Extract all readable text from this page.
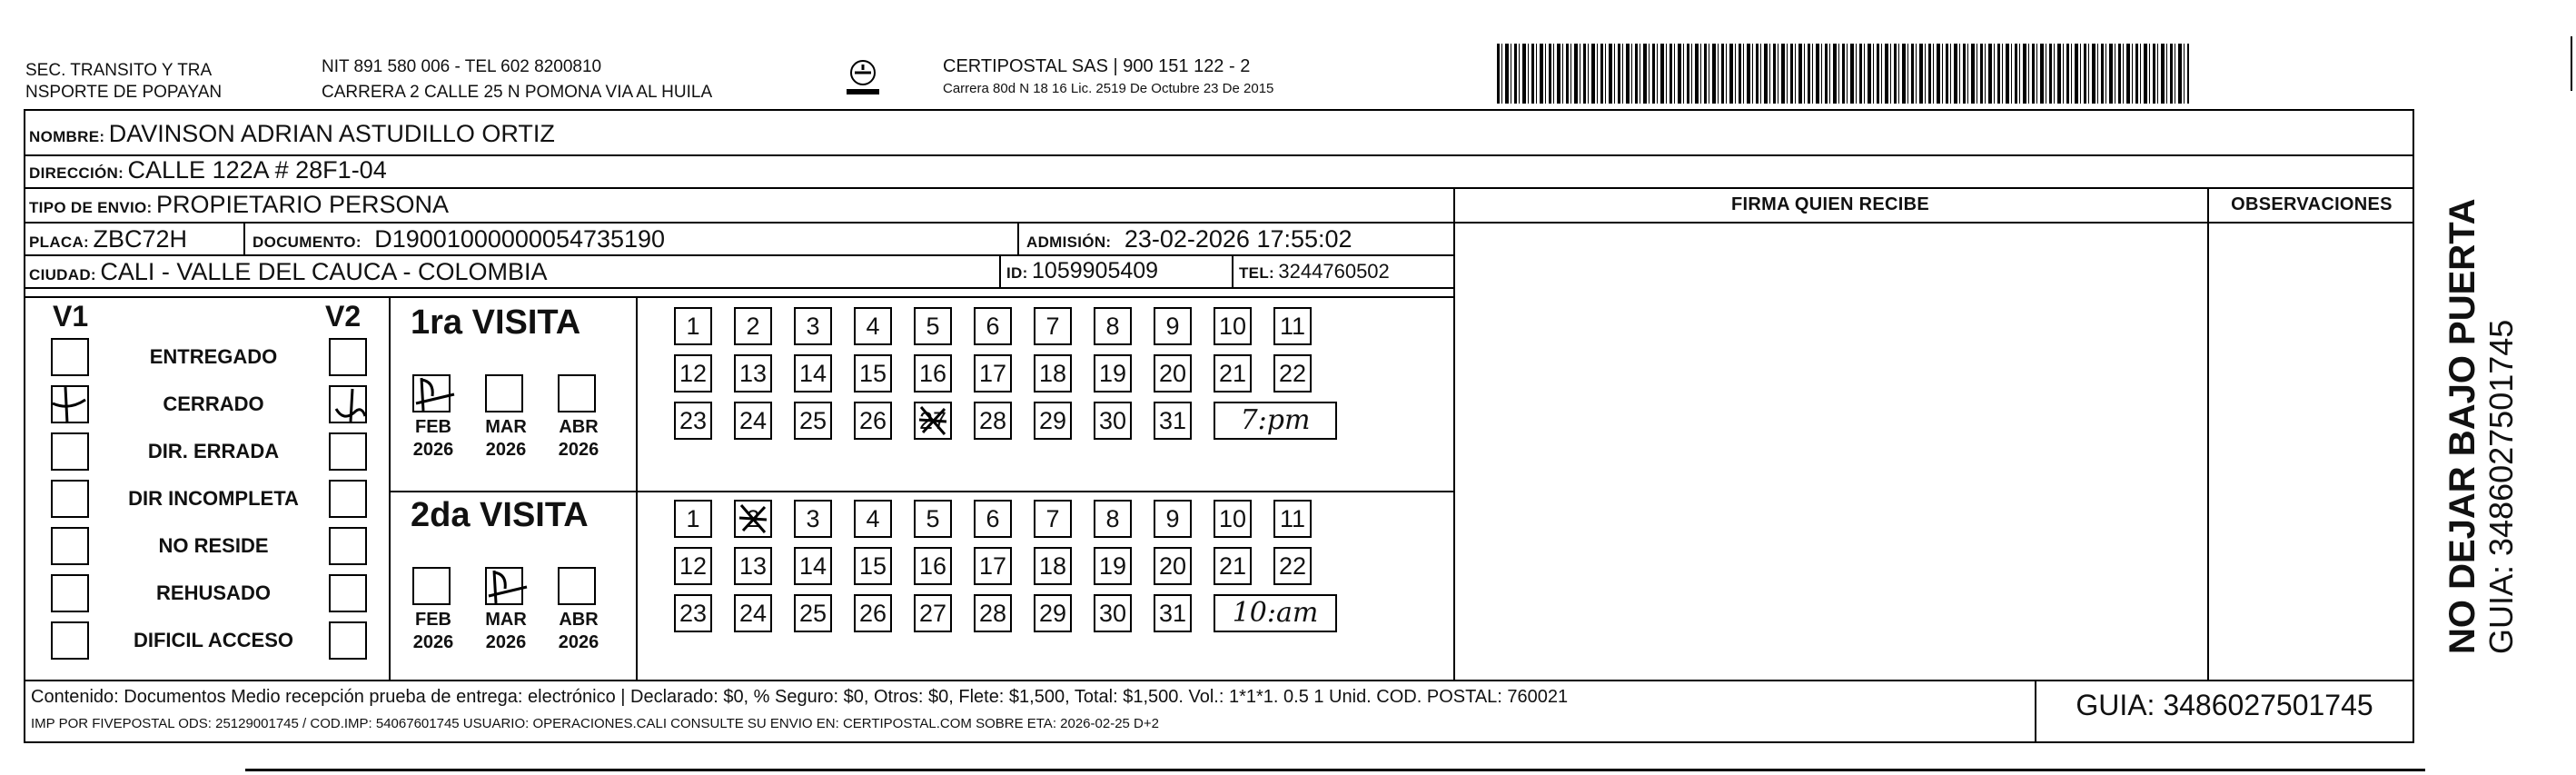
SEC. TRANSITO Y TRA
NSPORTE DE POPAYAN
NIT 891 580 006 - TEL 602 8200810
CARRERA 2 CALLE 25 N POMONA VIA AL HUILA
CERTIPOSTAL SAS | 900 151 122 - 2
Carrera 80d N 18 16 Lic. 2519 De Octubre 23 De 2015
NOMBRE: DAVINSON ADRIAN ASTUDILLO ORTIZ
DIRECCIÓN: CALLE 122A # 28F1-04
TIPO DE ENVIO: PROPIETARIO PERSONA
PLACA: ZBC72H	DOCUMENTO: D19001000000054735190	ADMISIÓN: 23-02-2026 17:55:02
CIUDAD: CALI - VALLE DEL CAUCA - COLOMBIA	ID: 1059905409	TEL: 3244760502
FIRMA QUIEN RECIBE	OBSERVACIONES
V1	V2
ENTREGADO
CERRADO
DIR. ERRADA
DIR INCOMPLETA
NO RESIDE
REHUSADO
DIFICIL ACCESO
1ra VISITA
2da VISITA
FEB
2026
MAR
2026
ABR
2026
FEB
2026
MAR
2026
ABR
2026
1	2	3	4	5	6	7	8	9	10 11
12 13 14 15 16 17 18 19 20 21 22
23 24 25 26 27 28 29 30 31	7:pm
1	2	3	4	5	6	7	8	9	10 11
12 13 14 15 16 17 18 19 20 21 22
23 24 25 26 27 28 29 30 31	10:am
Contenido: Documentos Medio recepción prueba de entrega: electrónico | Declarado: $0, % Seguro: $0, Otros: $0, Flete: $1,500, Total: $1,500. Vol.: 1*1*1. 0.5 1 Unid. COD. POSTAL: 760021
IMP POR FIVEPOSTAL ODS: 25129001745 / COD.IMP: 54067601745 USUARIO: OPERACIONES.CALI CONSULTE SU ENVIO EN: CERTIPOSTAL.COM SOBRE ETA: 2026-02-25 D+2
GUIA: 3486027501745
NO DEJAR BAJO PUERTA GUIA: 3486027501745
